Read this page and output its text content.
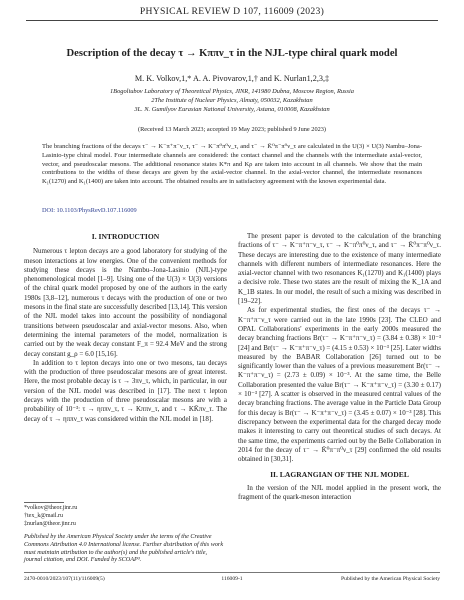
PHYSICAL REVIEW D 107, 116009 (2023)
Description of the decay τ → Kππν_τ in the NJL-type chiral quark model
M. K. Volkov,1,* A. A. Pivovarov,1,† and K. Nurlan1,2,3,‡
1Bogoliubov Laboratory of Theoretical Physics, JINR, 141980 Dubna, Moscow Region, Russia
2The Institute of Nuclear Physics, Almaty, 050032, Kazakhstan
3L. N. Gumilyov Eurasian National University, Astana, 010008, Kazakhstan
(Received 13 March 2023; accepted 19 May 2023; published 9 June 2023)
The branching fractions of the decays τ⁻ → K⁻π⁺π⁻ν_τ, τ⁻ → K⁻π⁰π⁰ν_τ, and τ⁻ → K̄⁰π⁻π⁰ν_τ are calculated in the U(3) × U(3) Nambu–Jona-Lasinio-type chiral model. Four intermediate channels are considered: the contact channel and the channels with the intermediate axial-vector, vector, and pseudoscalar mesons. The additional resonance states K*π and Kρ are taken into account in all channels. We show that the main contributions to the widths of these decays are given by the axial-vector channel. In the axial-vector channel, the intermediate resonances K₁(1270) and K₁(1400) are taken into account. The obtained results are in satisfactory agreement with the known experimental data.
DOI: 10.1103/PhysRevD.107.116009
I. INTRODUCTION

Numerous τ lepton decays are a good laboratory for studying of the meson interactions at low energies. One of the convenient methods for studying these decays is the Nambu–Jona-Lasinio (NJL)-type phenomenological model [1–9]. Using one of the U(3) × U(3) versions of the chiral quark model proposed by one of the authors in the early 1980s [3,8–12], numerous τ decays with the production of one or two mesons in the final state are successfully described [13,14]. This version of the NJL model takes into account the possibility of nondiagonal transitions between pseudoscalar and axial-vector mesons. Also, when determining the internal parameters of the model, normalization is carried out by the weak decay constant F_π = 92.4 MeV and the strong decay constant g_ρ = 6.0 [15,16].

In addition to τ lepton decays into one or two mesons, tau decays with the production of three pseudoscalar mesons are of great interest. Here, the most probable decay is τ → 3πν_τ, which, in particular, in our version of the NJL model was described in [17]. The next τ lepton decays with the production of three pseudoscalar mesons are with a probability of 10⁻³: τ → ηππν_τ, τ → Kππν_τ, and τ → KK̄πν_τ. The decay of τ → ηππν_τ was considered within the NJL model in [18].

*volkov@theor.jinr.ru
†tex_k@mail.ru
‡nurlan@theor.jinr.ru
Published by the American Physical Society under the terms of the Creative Commons Attribution 4.0 International license. Further distribution of this work must maintain attribution to the author(s) and the published article's title, journal citation, and DOI. Funded by SCOAP³.

The present paper is devoted to the calculation of the branching fractions of τ⁻ → K⁻π⁺π⁻ν_τ, τ⁻ → K⁻π⁰π⁰ν_τ, and τ⁻ → K̄⁰π⁻π⁰ν_τ. These decays are interesting due to the existence of many intermediate channels with different numbers of intermediate resonances. Here the axial-vector channel with two resonances K₁(1270) and K₁(1400) plays a decisive role. These two states are the result of mixing the K_1A and K_1B states. In our model, the result of such a mixing was described in [19–22].

As for experimental studies, the first ones of the decays τ⁻ → K⁻π⁺π⁻ν_τ were carried out in the late 1990s [23]. The CLEO and OPAL Collaborations' experiments in the early 2000s measured the decay branching fractions Br(τ⁻ → K⁻π⁺π⁻ν_τ) = (3.84 ± 0.38) × 10⁻³ [24] and Br(τ⁻ → K⁻π⁺π⁻ν_τ) = (4.15 ± 0.53) × 10⁻³ [25]. Later widths measured by the BABAR Collaboration [26] turned out to be significantly lower than the values of a previous measurement Br(τ⁻ → K⁻π⁺π⁻ν_τ) = (2.73 ± 0.09) × 10⁻³. At the same time, the Belle Collaboration presented the value Br(τ⁻ → K⁻π⁺π⁻ν_τ) = (3.30 ± 0.17) × 10⁻³ [27]. A scatter is observed in the measured central values of the decay branching fractions. The average value in the Particle Data Group for this decay is Br(τ⁻ → K⁻π⁺π⁻ν_τ) = (3.45 ± 0.07) × 10⁻³ [28]. This discrepancy between the experimental data for the charged decay mode makes it interesting to carry out theoretical studies of such decays. At the same time, the experiments carried out by the Belle Collaboration in 2014 for the decay of τ⁻ → K̄⁰π⁻π⁰ν_τ [29] confirmed the old results obtained in [30,31].

II. LAGRANGIAN OF THE NJL MODEL

In the version of the NJL model applied in the present work, the fragment of the quark-meson interaction

2470-0010/2023/107(11)/116009(5)	116009-1	Published by the American Physical Society
